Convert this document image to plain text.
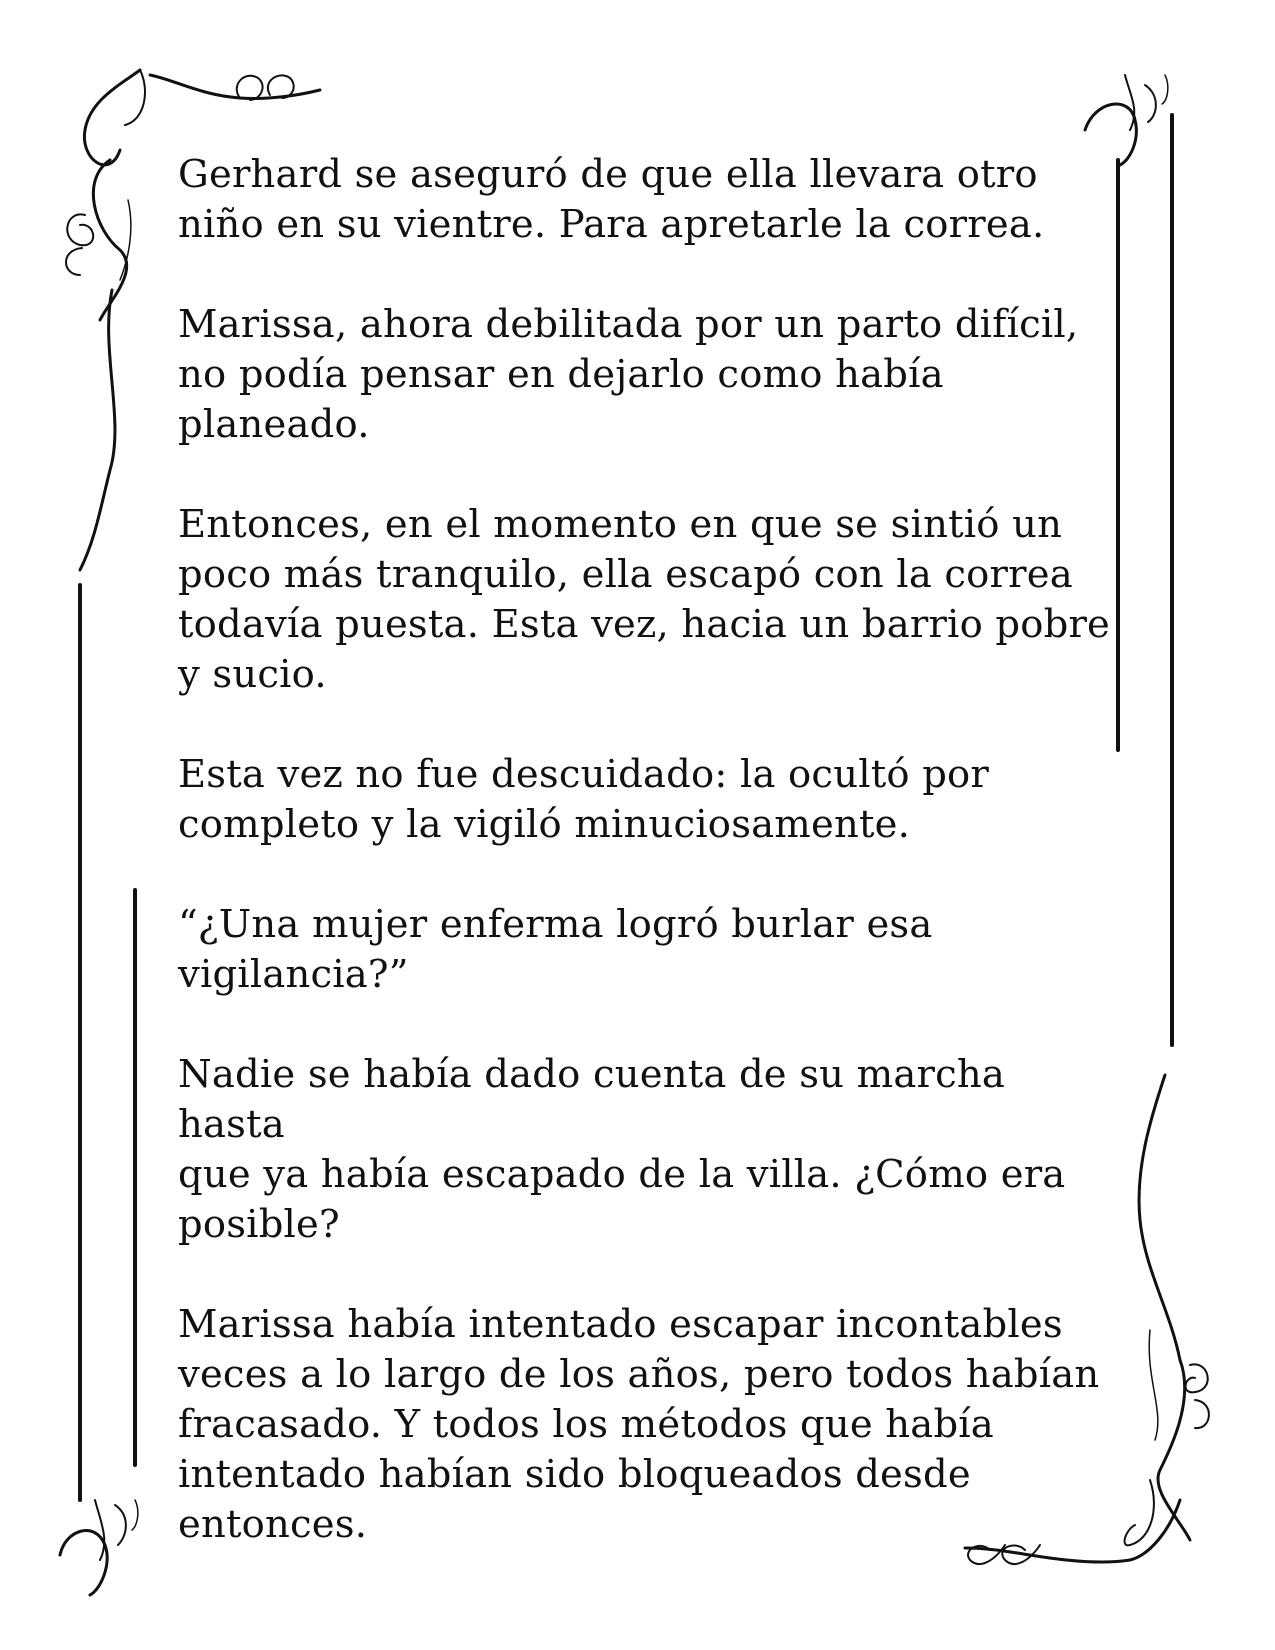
Gerhard se aseguró de que ella llevara otro
niño en su vientre. Para apretarle la correa.

Marissa, ahora debilitada por un parto difícil,
no podía pensar en dejarlo como había
planeado.

Entonces, en el momento en que se sintió un
poco más tranquilo, ella escapó con la correa
todavía puesta. Esta vez, hacia un barrio pobre
y sucio.

Esta vez no fue descuidado: la ocultó por
completo y la vigiló minuciosamente.

“¿Una mujer enferma logró burlar esa
vigilancia?”

Nadie se había dado cuenta de su marcha hasta
que ya había escapado de la villa. ¿Cómo era
posible?

Marissa había intentado escapar incontables
veces a lo largo de los años, pero todos habían
fracasado. Y todos los métodos que había
intentado habían sido bloqueados desde
entonces.
